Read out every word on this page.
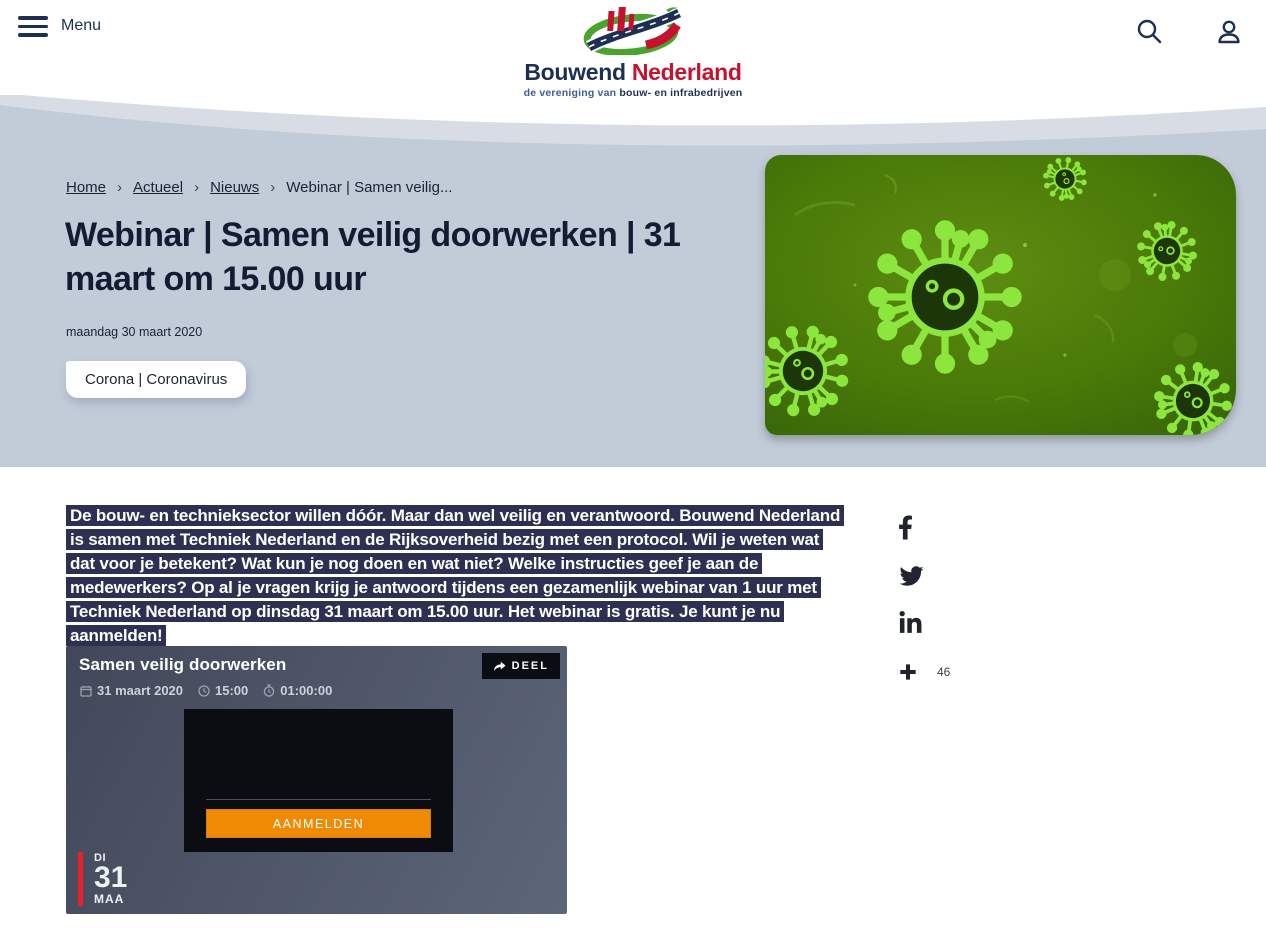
Menu
Bouwend Nederland
de vereniging van bouw- en infrabedrijven
Home › Actueel › Nieuws › Webinar | Samen veilig...
Webinar | Samen veilig doorwerken | 31 maart om 15.00 uur
maandag 30 maart 2020
Corona | Coronavirus

De bouw- en technieksector willen dóór. Maar dan wel veilig en verantwoord. Bouwend Nederland is samen met Techniek Nederland en de Rijksoverheid bezig met een protocol. Wil je weten wat dat voor je betekent? Wat kun je nog doen en wat niet? Welke instructies geef je aan de medewerkers? Op al je vragen krijg je antwoord tijdens een gezamenlijk webinar van 1 uur met Techniek Nederland op dinsdag 31 maart om 15.00 uur. Het webinar is gratis. Je kunt je nu aanmelden!

Samen veilig doorwerken	DEEL
31 maart 2020 15:00 01:00:00
AANMELDEN
DI
31
MAA
46
